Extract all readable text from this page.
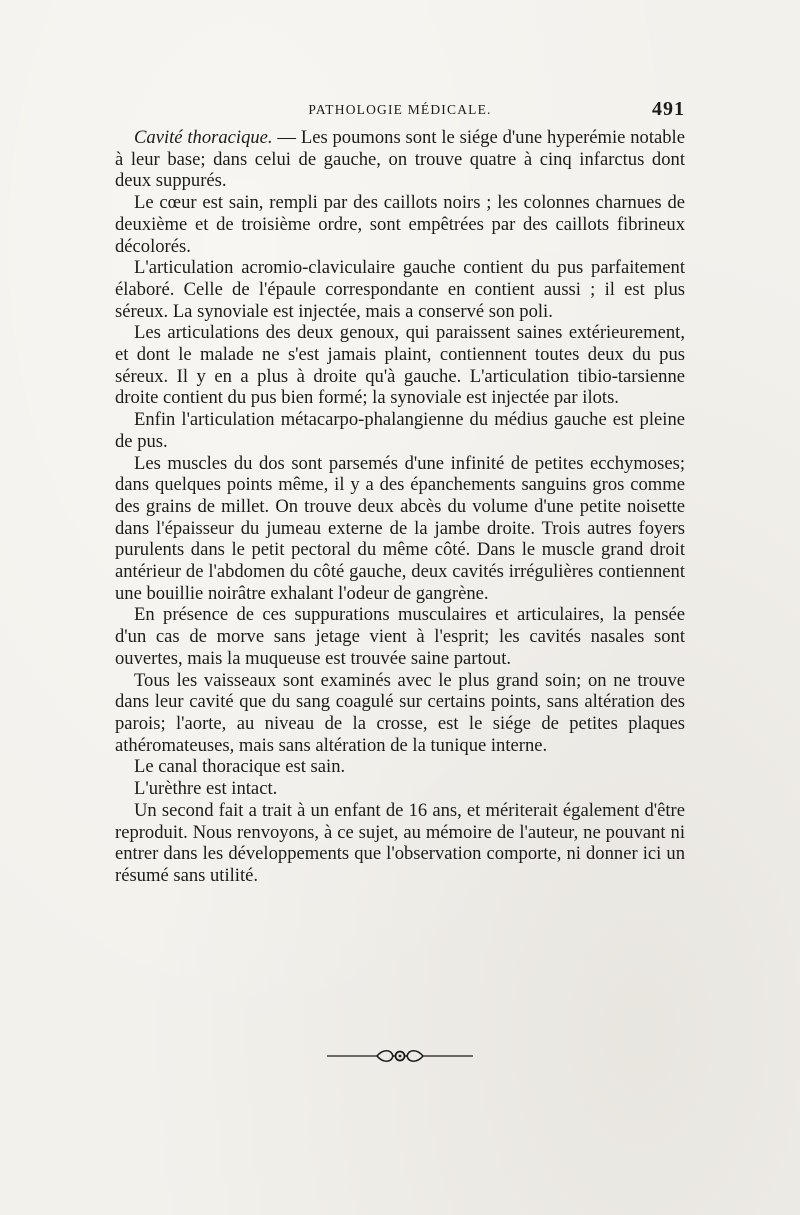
PATHOLOGIE MÉDICALE.	491

Cavité thoracique. — Les poumons sont le siége d'une hyperémie notable à leur base; dans celui de gauche, on trouve quatre à cinq infarctus dont deux suppurés.

Le cœur est sain, rempli par des caillots noirs ; les colonnes charnues de deuxième et de troisième ordre, sont empêtrées par des caillots fibrineux décolorés.

L'articulation acromio-claviculaire gauche contient du pus parfaitement élaboré. Celle de l'épaule correspondante en contient aussi ; il est plus séreux. La synoviale est injectée, mais a conservé son poli.

Les articulations des deux genoux, qui paraissent saines extérieurement, et dont le malade ne s'est jamais plaint, contiennent toutes deux du pus séreux. Il y en a plus à droite qu'à gauche. L'articulation tibio-tarsienne droite contient du pus bien formé; la synoviale est injectée par ilots.

Enfin l'articulation métacarpo-phalangienne du médius gauche est pleine de pus.

Les muscles du dos sont parsemés d'une infinité de petites ecchymoses; dans quelques points même, il y a des épanchements sanguins gros comme des grains de millet. On trouve deux abcès du volume d'une petite noisette dans l'épaisseur du jumeau externe de la jambe droite. Trois autres foyers purulents dans le petit pectoral du même côté. Dans le muscle grand droit antérieur de l'abdomen du côté gauche, deux cavités irrégulières contiennent une bouillie noirâtre exhalant l'odeur de gangrène.

En présence de ces suppurations musculaires et articulaires, la pensée d'un cas de morve sans jetage vient à l'esprit; les cavités nasales sont ouvertes, mais la muqueuse est trouvée saine partout.

Tous les vaisseaux sont examinés avec le plus grand soin; on ne trouve dans leur cavité que du sang coagulé sur certains points, sans altération des parois; l'aorte, au niveau de la crosse, est le siége de petites plaques athéromateuses, mais sans altération de la tunique interne.

Le canal thoracique est sain.

L'urèthre est intact.

Un second fait a trait à un enfant de 16 ans, et mériterait également d'être reproduit. Nous renvoyons, à ce sujet, au mémoire de l'auteur, ne pouvant ni entrer dans les développements que l'observation comporte, ni donner ici un résumé sans utilité.
